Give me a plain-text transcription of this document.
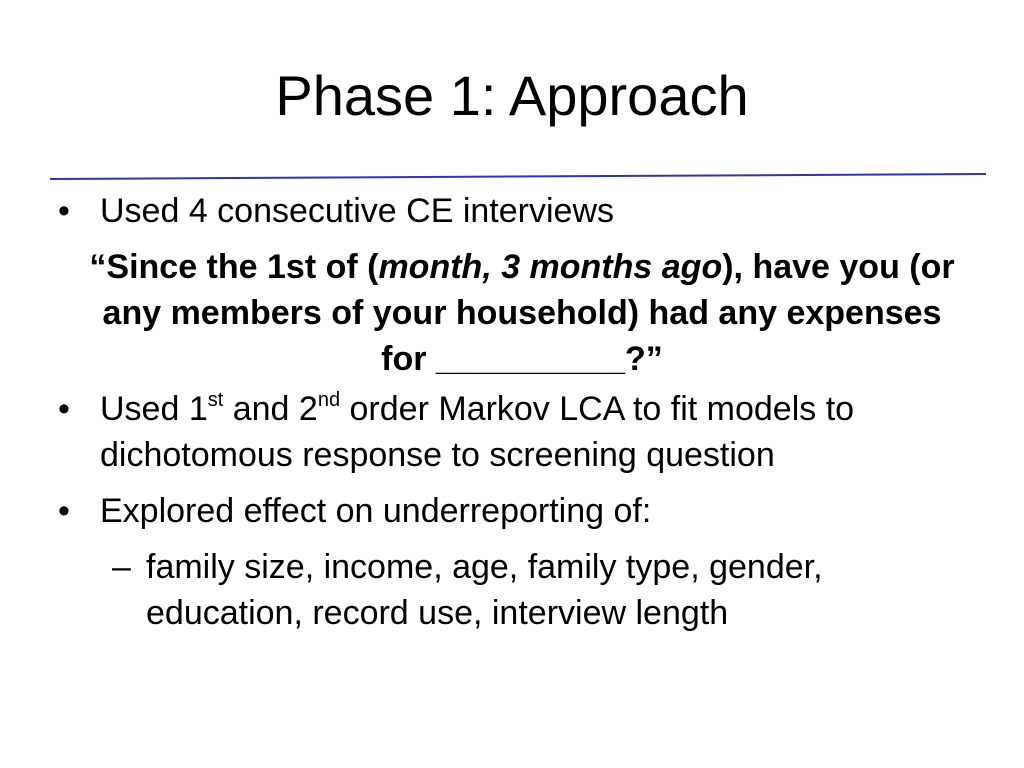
Phase 1: Approach

• Used 4 consecutive CE interviews

“Since the 1st of (month, 3 months ago), have you (or any members of your household) had any expenses for __________?”

• Used 1st and 2nd order Markov LCA to fit models to dichotomous response to screening question

• Explored effect on underreporting of:

– family size, income, age, family type, gender, education, record use, interview length
